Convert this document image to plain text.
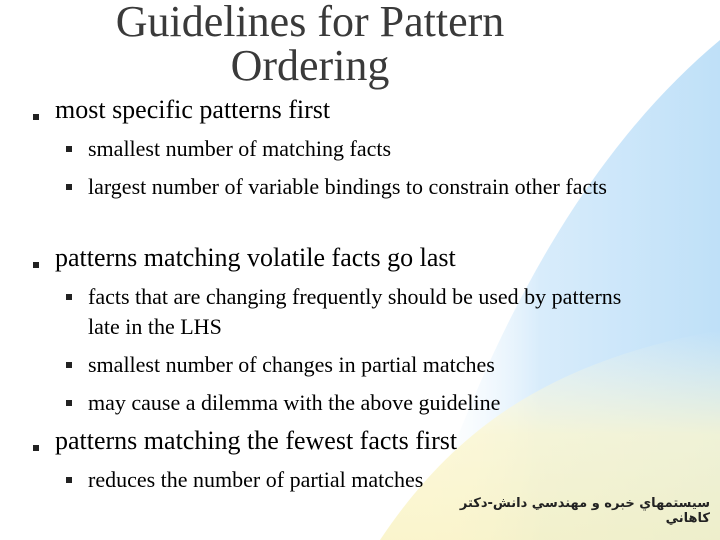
Guidelines for Pattern
Ordering
most specific patterns first
smallest number of matching facts
largest number of variable bindings to constrain other facts
patterns matching volatile facts go last
facts that are changing frequently should be used by patterns late in the LHS
smallest number of changes in partial matches
may cause a dilemma with the above guideline
patterns matching the fewest facts first
reduces the number of partial matches
سيستمهاي خبره و مهندسي دانش-دكتر كاهاني
